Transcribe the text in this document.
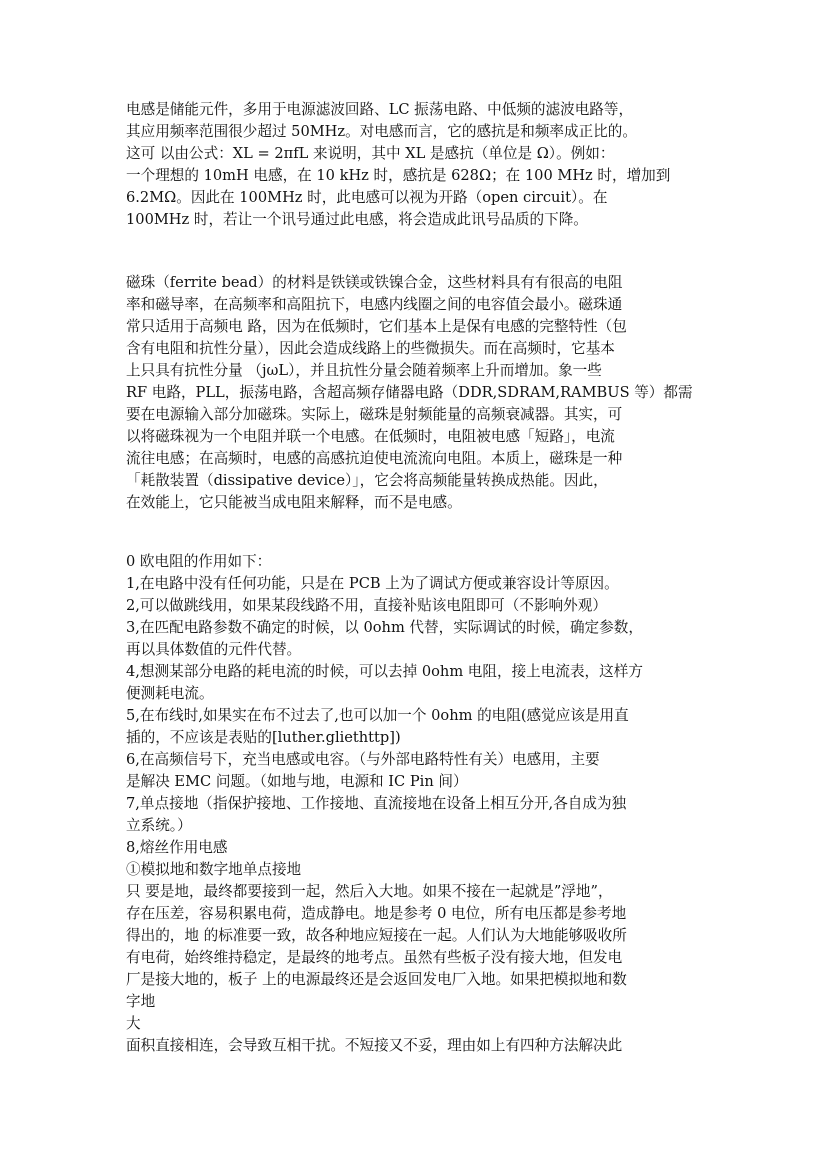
电感是储能元件，多用于电源滤波回路、LC 振荡电路、中低频的滤波电路等，
其应用频率范围很少超过 50MHz。对电感而言，它的感抗是和频率成正比的。
这可 以由公式：XL = 2πfL 来说明，其中 XL 是感抗（单位是 Ω）。例如：
一个理想的 10mH 电感，在 10 kHz 时，感抗是 628Ω；在 100 MHz 时，增加到
6.2MΩ。因此在 100MHz 时，此电感可以视为开路（open circuit）。在
100MHz 时，若让一个讯号通过此电感，将会造成此讯号品质的下降。
磁珠（ferrite bead）的材料是铁镁或铁镍合金，这些材料具有有很高的电阻
率和磁导率，在高频率和高阻抗下，电感内线圈之间的电容值会最小。磁珠通
常只适用于高频电 路，因为在低频时，它们基本上是保有电感的完整特性（包
含有电阻和抗性分量），因此会造成线路上的些微损失。而在高频时，它基本
上只具有抗性分量 （jωL），并且抗性分量会随着频率上升而增加。象一些
RF 电路，PLL，振荡电路，含超高频存储器电路（DDR,SDRAM,RAMBUS 等）都需
要在电源输入部分加磁珠。实际上，磁珠是射频能量的高频衰减器。其实，可
以将磁珠视为一个电阻并联一个电感。在低频时，电阻被电感「短路」，电流
流往电感；在高频时，电感的高感抗迫使电流流向电阻。本质上，磁珠是一种
「耗散装置（dissipative device）」，它会将高频能量转换成热能。因此，
在效能上，它只能被当成电阻来解释，而不是电感。
0 欧电阻的作用如下：
1,在电路中没有任何功能，只是在 PCB 上为了调试方便或兼容设计等原因。
2,可以做跳线用，如果某段线路不用，直接补贴该电阻即可（不影响外观）
3,在匹配电路参数不确定的时候，以 0ohm 代替，实际调试的时候，确定参数，
再以具体数值的元件代替。
4,想测某部分电路的耗电流的时候，可以去掉 0ohm 电阻，接上电流表，这样方
便测耗电流。
5,在布线时,如果实在布不过去了,也可以加一个 0ohm 的电阻(感觉应该是用直
插的，不应该是表贴的[luther.gliethttp])
6,在高频信号下，充当电感或电容。（与外部电路特性有关）电感用，主要
是解决 EMC 问题。（如地与地，电源和 IC Pin 间）
7,单点接地（指保护接地、工作接地、直流接地在设备上相互分开,各自成为独
立系统。）
8,熔丝作用电感
①模拟地和数字地单点接地
只 要是地，最终都要接到一起，然后入大地。如果不接在一起就是”浮地”，
存在压差，容易积累电荷，造成静电。地是参考 0 电位，所有电压都是参考地
得出的，地 的标准要一致，故各种地应短接在一起。人们认为大地能够吸收所
有电荷，始终维持稳定，是最终的地考点。虽然有些板子没有接大地，但发电
厂是接大地的，板子 上的电源最终还是会返回发电厂入地。如果把模拟地和数
字地
大
面积直接相连，会导致互相干扰。不短接又不妥，理由如上有四种方法解决此
